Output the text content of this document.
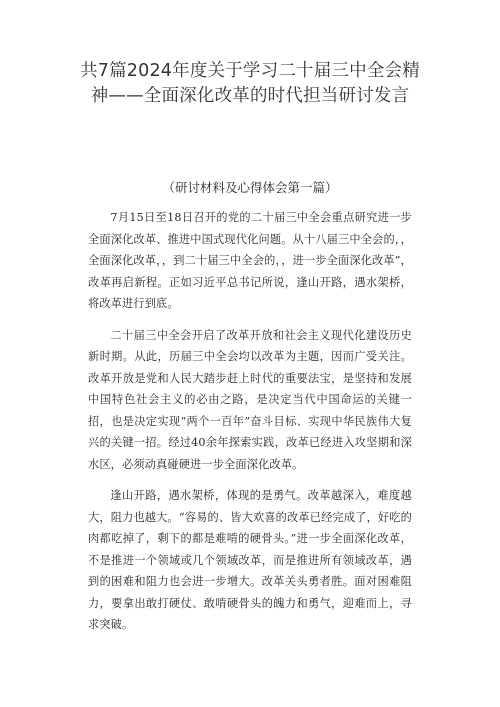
共7篇2024年度关于学习二十届三中全会精神——全面深化改革的时代担当研讨发言
（研讨材料及心得体会第一篇）

7月15日至18日召开的党的二十届三中全会重点研究进一步全面深化改革、推进中国式现代化问题。从十八届三中全会的，，全面深化改革，，到二十届三中全会的，，进一步全面深化改革”，改革再启新程。正如习近平总书记所说，逢山开路，遇水架桥，将改革进行到底。

二十届三中全会开启了改革开放和社会主义现代化建设历史新时期。从此，历届三中全会均以改革为主题，因而广受关注。改革开放是党和人民大踏步赶上时代的重要法宝，是坚持和发展中国特色社会主义的必由之路，是决定当代中国命运的关键一招，也是决定实现“两个一百年”奋斗目标、实现中华民族伟大复兴的关键一招。经过40余年探索实践，改革已经进入攻坚期和深水区，必须动真碰硬进一步全面深化改革。

逢山开路，遇水架桥，体现的是勇气。改革越深入，难度越大，阻力也越大。“容易的、皆大欢喜的改革已经完成了，好吃的肉都吃掉了，剩下的都是难啃的硬骨头。”进一步全面深化改革，不是推进一个领域或几个领域改革，而是推进所有领域改革，遇到的困难和阻力也会进一步增大。改革关头勇者胜。面对困难阻力，要拿出敢打硬仗、敢啃硬骨头的魄力和勇气，迎难而上，寻求突破。
